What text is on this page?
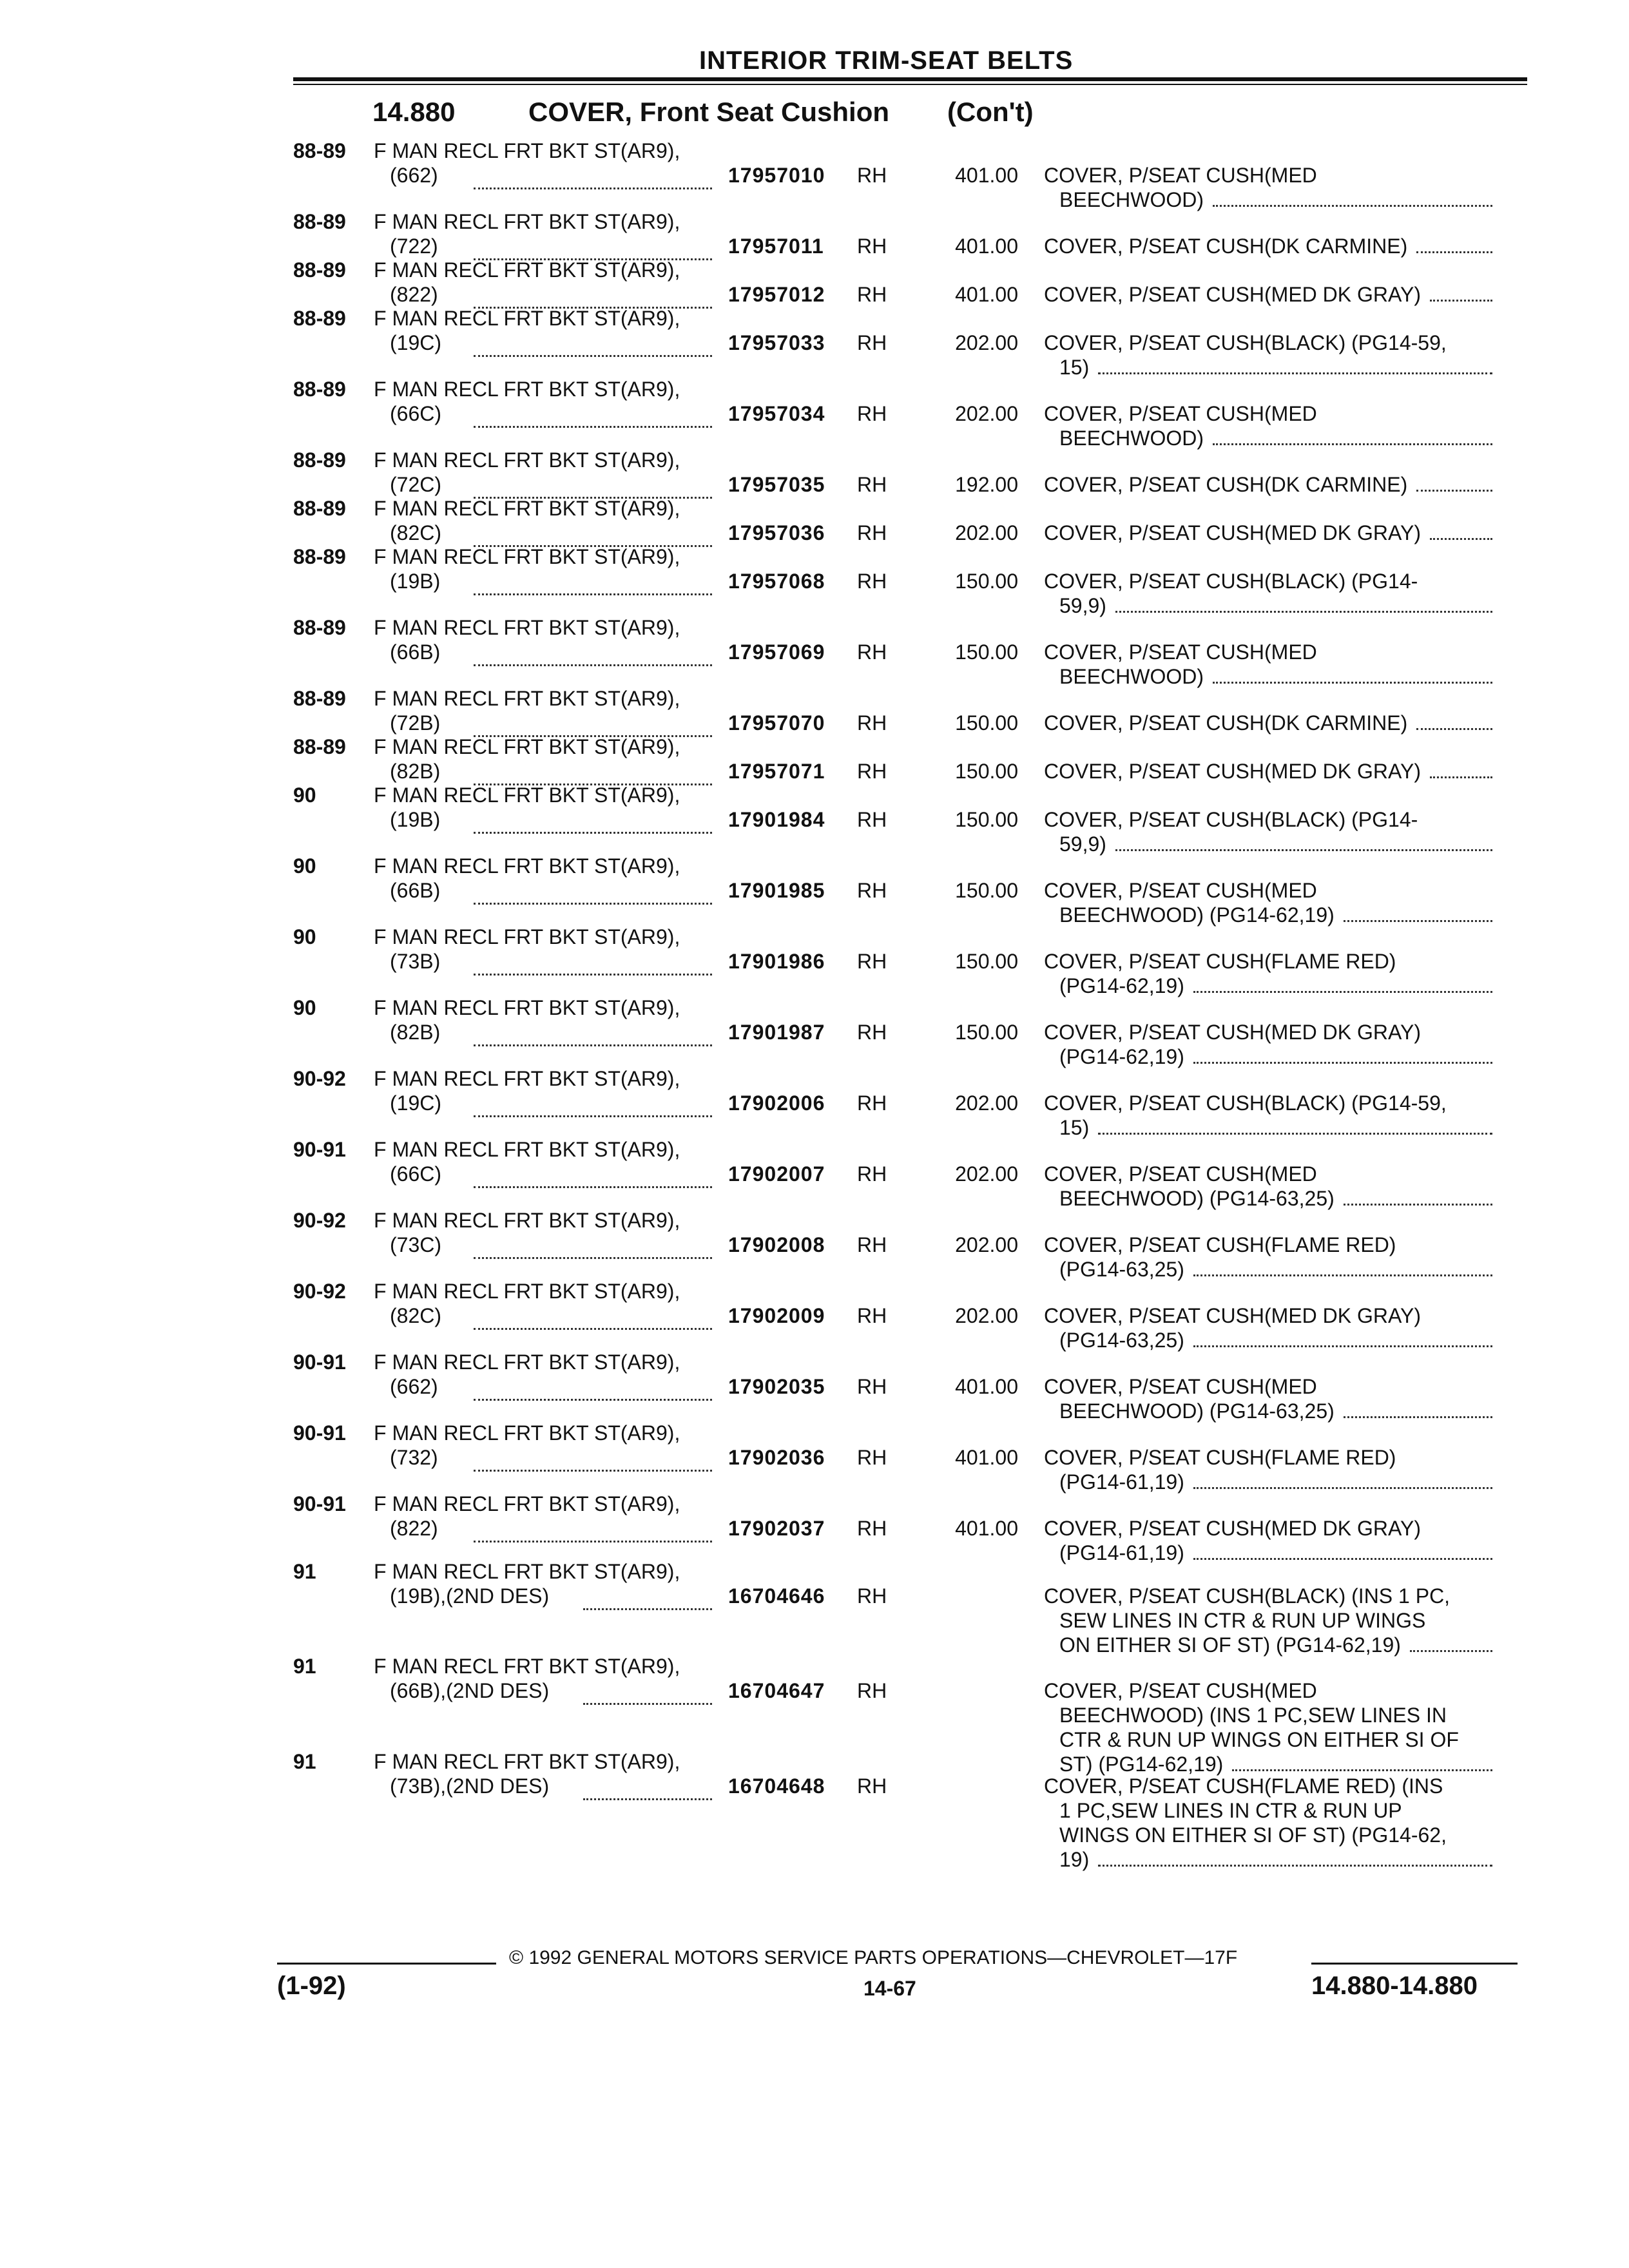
INTERIOR TRIM-SEAT BELTS
14.880	COVER, Front Seat Cushion (Con't)
88-89 F MAN RECL FRT BKT ST(AR9),
(662)	17957010 RH	401.00 COVER, P/SEAT CUSH(MED
BEECHWOOD)
88-89 F MAN RECL FRT BKT ST(AR9),
(722)	17957011 RH	401.00 COVER, P/SEAT CUSH(DK CARMINE)
88-89 F MAN RECL FRT BKT ST(AR9),
(822)	17957012 RH	401.00 COVER, P/SEAT CUSH(MED DK GRAY)
88-89 F MAN RECL FRT BKT ST(AR9),
(19C)	17957033 RH	202.00 COVER, P/SEAT CUSH(BLACK) (PG14-59,
15)
88-89 F MAN RECL FRT BKT ST(AR9),
(66C)	17957034 RH	202.00 COVER, P/SEAT CUSH(MED
BEECHWOOD)
88-89 F MAN RECL FRT BKT ST(AR9),
(72C)	17957035 RH	192.00 COVER, P/SEAT CUSH(DK CARMINE)
88-89 F MAN RECL FRT BKT ST(AR9),
(82C)	17957036 RH	202.00 COVER, P/SEAT CUSH(MED DK GRAY)
88-89 F MAN RECL FRT BKT ST(AR9),
(19B)	17957068 RH	150.00 COVER, P/SEAT CUSH(BLACK) (PG14-
59,9)
88-89 F MAN RECL FRT BKT ST(AR9),
(66B)	17957069 RH	150.00 COVER, P/SEAT CUSH(MED
BEECHWOOD)
88-89 F MAN RECL FRT BKT ST(AR9),
(72B)	17957070 RH	150.00 COVER, P/SEAT CUSH(DK CARMINE)
88-89 F MAN RECL FRT BKT ST(AR9),
(82B)	17957071 RH	150.00 COVER, P/SEAT CUSH(MED DK GRAY)
90	F MAN RECL FRT BKT ST(AR9),
(19B)	17901984 RH	150.00 COVER, P/SEAT CUSH(BLACK) (PG14-
59,9)
90	F MAN RECL FRT BKT ST(AR9),
(66B)	17901985 RH	150.00 COVER, P/SEAT CUSH(MED
BEECHWOOD) (PG14-62,19)
90	F MAN RECL FRT BKT ST(AR9),
(73B)	17901986 RH	150.00 COVER, P/SEAT CUSH(FLAME RED)
(PG14-62,19)
90	F MAN RECL FRT BKT ST(AR9),
(82B)	17901987 RH	150.00 COVER, P/SEAT CUSH(MED DK GRAY)
(PG14-62,19)
90-92 F MAN RECL FRT BKT ST(AR9),
(19C)	17902006 RH	202.00 COVER, P/SEAT CUSH(BLACK) (PG14-59,
15)
90-91 F MAN RECL FRT BKT ST(AR9),
(66C)	17902007 RH	202.00 COVER, P/SEAT CUSH(MED
BEECHWOOD) (PG14-63,25)
90-92 F MAN RECL FRT BKT ST(AR9),
(73C)	17902008 RH	202.00 COVER, P/SEAT CUSH(FLAME RED)
(PG14-63,25)
90-92 F MAN RECL FRT BKT ST(AR9),
(82C)	17902009 RH	202.00 COVER, P/SEAT CUSH(MED DK GRAY)
(PG14-63,25)
90-91 F MAN RECL FRT BKT ST(AR9),
(662)	17902035 RH	401.00 COVER, P/SEAT CUSH(MED
BEECHWOOD) (PG14-63,25)
90-91 F MAN RECL FRT BKT ST(AR9),
(732)	17902036 RH	401.00 COVER, P/SEAT CUSH(FLAME RED)
(PG14-61,19)
90-91 F MAN RECL FRT BKT ST(AR9),
(822)	17902037 RH	401.00 COVER, P/SEAT CUSH(MED DK GRAY)
(PG14-61,19)
91	F MAN RECL FRT BKT ST(AR9),
(19B),(2ND DES)	16704646 RH	COVER, P/SEAT CUSH(BLACK) (INS 1 PC,
SEW LINES IN CTR & RUN UP WINGS
ON EITHER SI OF ST) (PG14-62,19)
91	F MAN RECL FRT BKT ST(AR9),
(66B),(2ND DES)	16704647 RH	COVER, P/SEAT CUSH(MED
BEECHWOOD) (INS 1 PC,SEW LINES IN
CTR & RUN UP WINGS ON EITHER SI OF
ST) (PG14-62,19)
91	F MAN RECL FRT BKT ST(AR9),
(73B),(2ND DES)	16704648 RH	COVER, P/SEAT CUSH(FLAME RED) (INS
1 PC,SEW LINES IN CTR & RUN UP
WINGS ON EITHER SI OF ST) (PG14-62,
19)
© 1992 GENERAL MOTORS SERVICE PARTS OPERATIONS—CHEVROLET—17F
(1-92)	14-67	14.880-14.880
